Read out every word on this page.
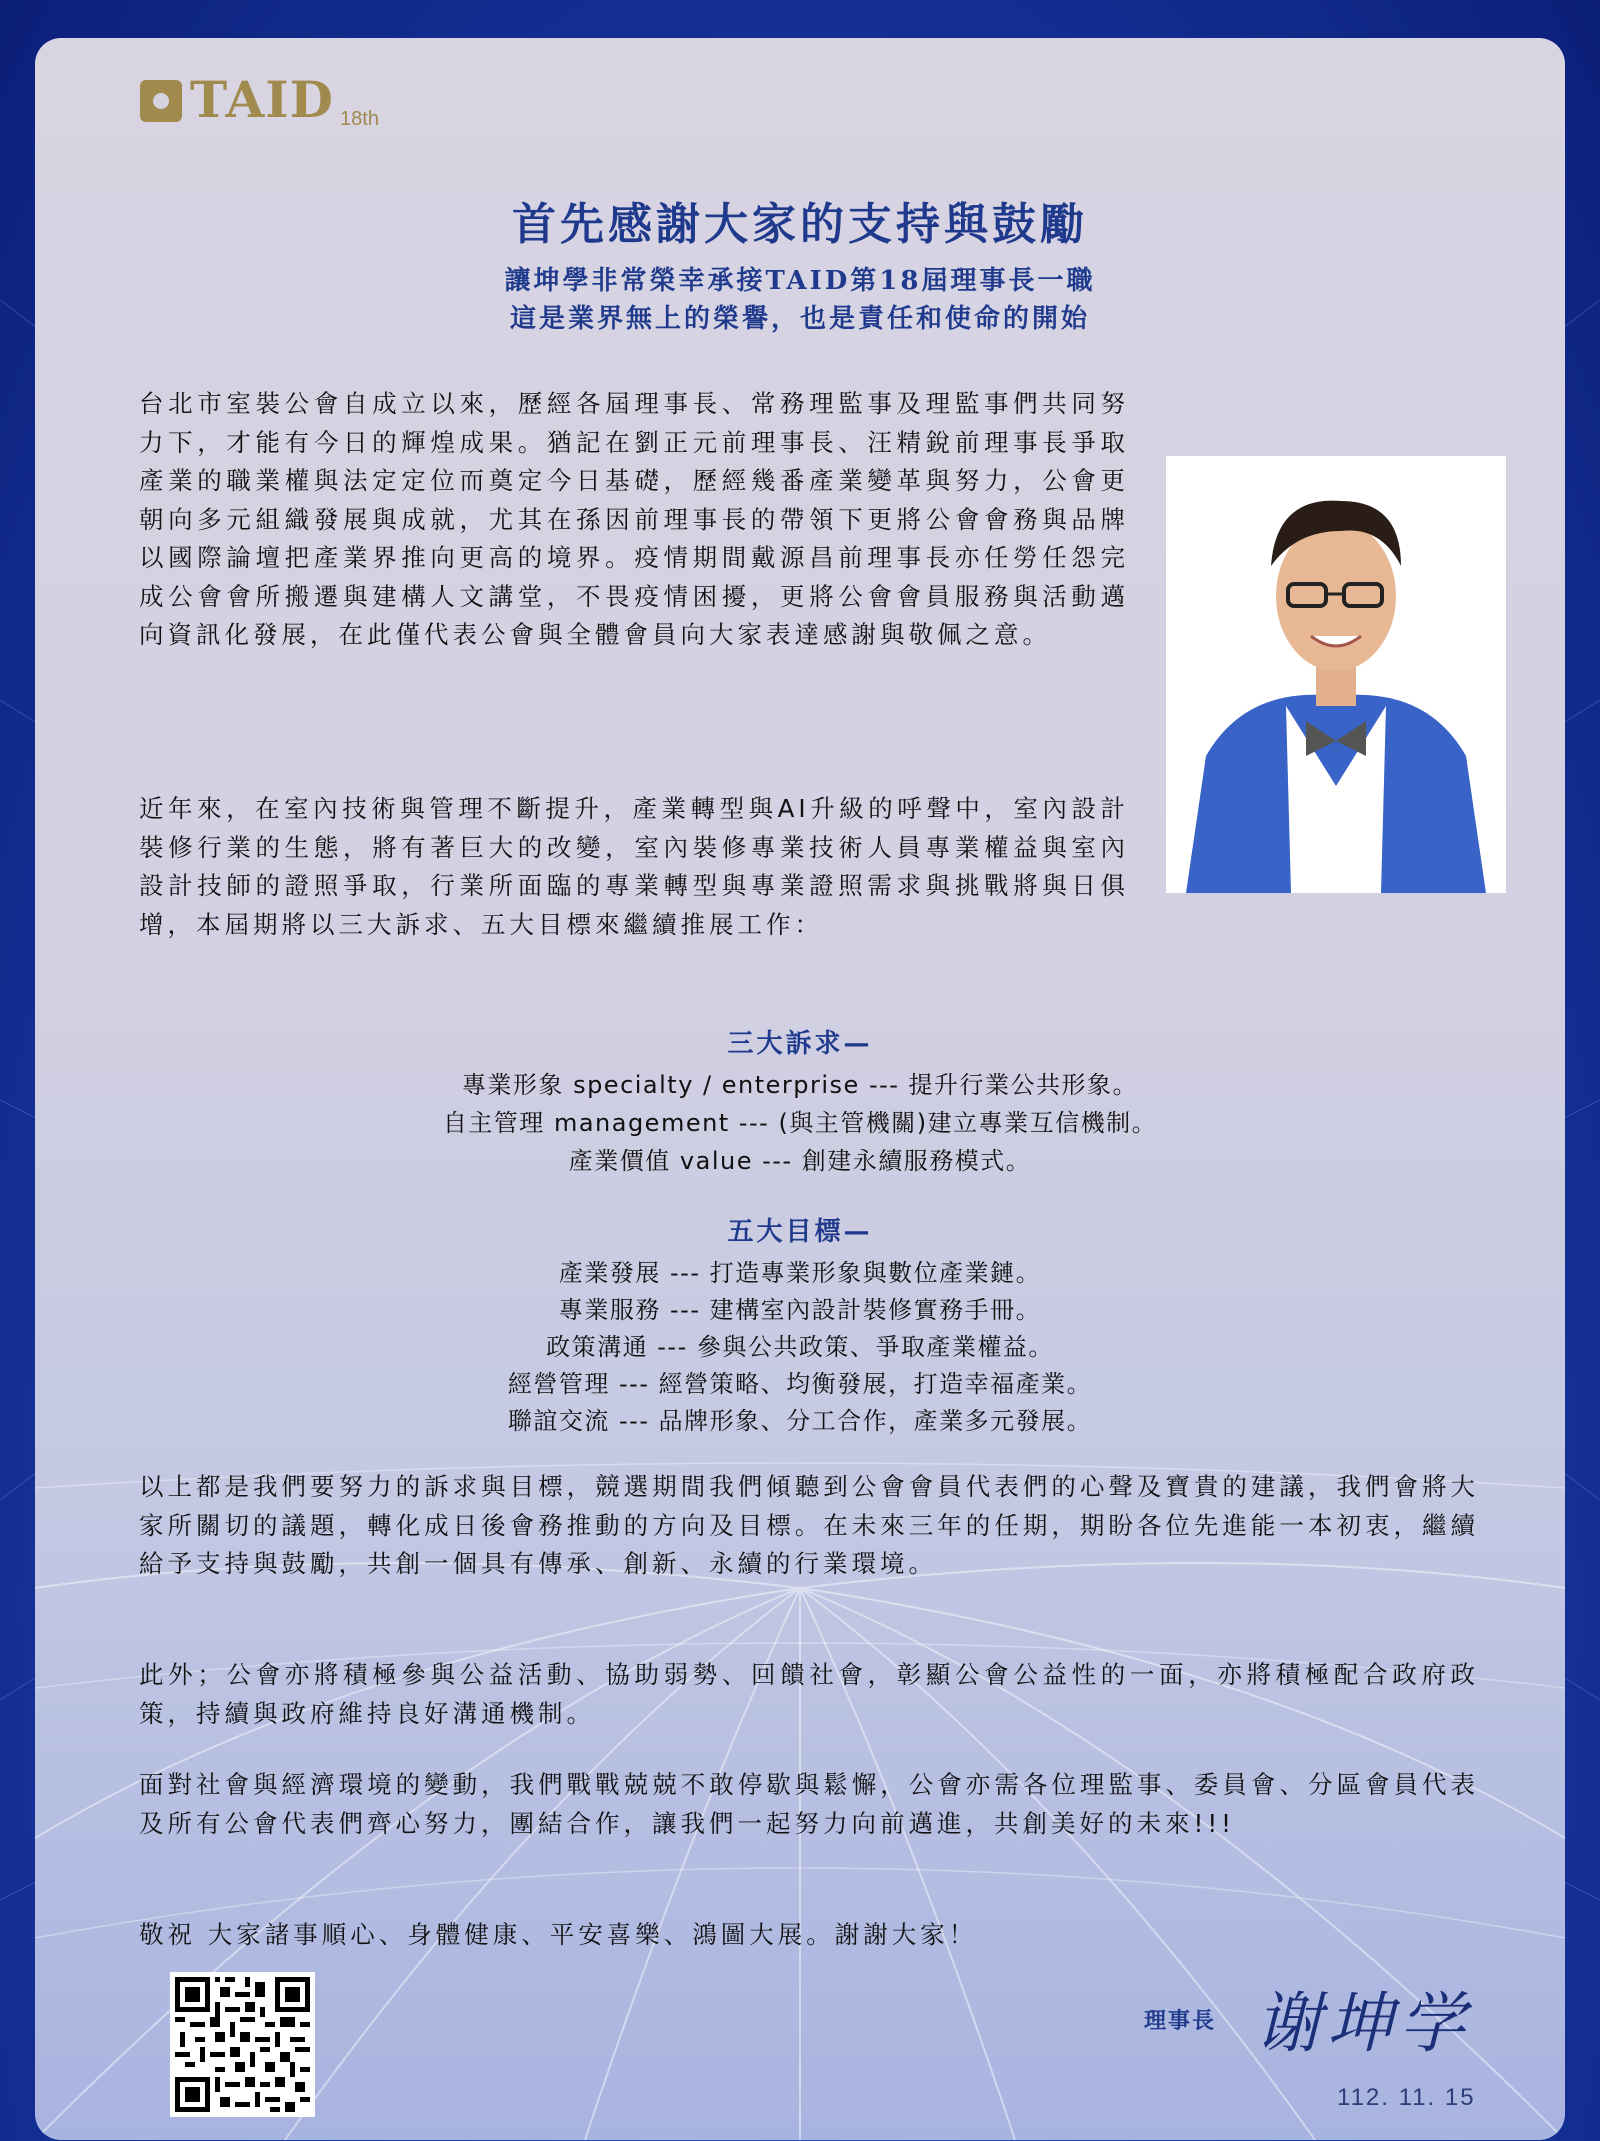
TAID 18th
首先感謝大家的支持與鼓勵
讓坤學非常榮幸承接TAID第18屆理事長一職
這是業界無上的榮譽，也是責任和使命的開始

台北市室裝公會自成立以來，歷經各屆理事長、常務理監事及理監事們共同努力下，才能有今日的輝煌成果。猶記在劉正元前理事長、汪精銳前理事長爭取產業的職業權與法定定位而奠定今日基礎，歷經幾番產業變革與努力，公會更朝向多元組織發展與成就，尤其在孫因前理事長的帶領下更將公會會務與品牌以國際論壇把產業界推向更高的境界。疫情期間戴源昌前理事長亦任勞任怨完成公會會所搬遷與建構人文講堂，不畏疫情困擾，更將公會會員服務與活動邁向資訊化發展，在此僅代表公會與全體會員向大家表達感謝與敬佩之意。

近年來，在室內技術與管理不斷提升，產業轉型與AI升級的呼聲中，室內設計裝修行業的生態，將有著巨大的改變，室內裝修專業技術人員專業權益與室內設計技師的證照爭取，行業所面臨的專業轉型與專業證照需求與挑戰將與日俱增，本屆期將以三大訴求、五大目標來繼續推展工作：

三大訴求—
專業形象 specialty / enterprise --- 提升行業公共形象。
自主管理 management --- (與主管機關)建立專業互信機制。
產業價值 value --- 創建永續服務模式。
五大目標—
產業發展 --- 打造專業形象與數位產業鏈。
專業服務 --- 建構室內設計裝修實務手冊。
政策溝通 --- 參與公共政策、爭取產業權益。
經營管理 --- 經營策略、均衡發展，打造幸福產業。
聯誼交流 --- 品牌形象、分工合作，產業多元發展。

以上都是我們要努力的訴求與目標，競選期間我們傾聽到公會會員代表們的心聲及寶貴的建議，我們會將大家所關切的議題，轉化成日後會務推動的方向及目標。在未來三年的任期，期盼各位先進能一本初衷，繼續給予支持與鼓勵，共創一個具有傳承、創新、永續的行業環境。

此外；公會亦將積極參與公益活動、協助弱勢、回饋社會，彰顯公會公益性的一面，亦將積極配合政府政策，持續與政府維持良好溝通機制。

面對社會與經濟環境的變動，我們戰戰兢兢不敢停歇與鬆懈，公會亦需各位理監事、委員會、分區會員代表及所有公會代表們齊心努力，團結合作，讓我們一起努力向前邁進，共創美好的未來!!!

敬祝 大家諸事順心、身體健康、平安喜樂、鴻圖大展。謝謝大家！

理事長 谢坤学
112. 11. 15
